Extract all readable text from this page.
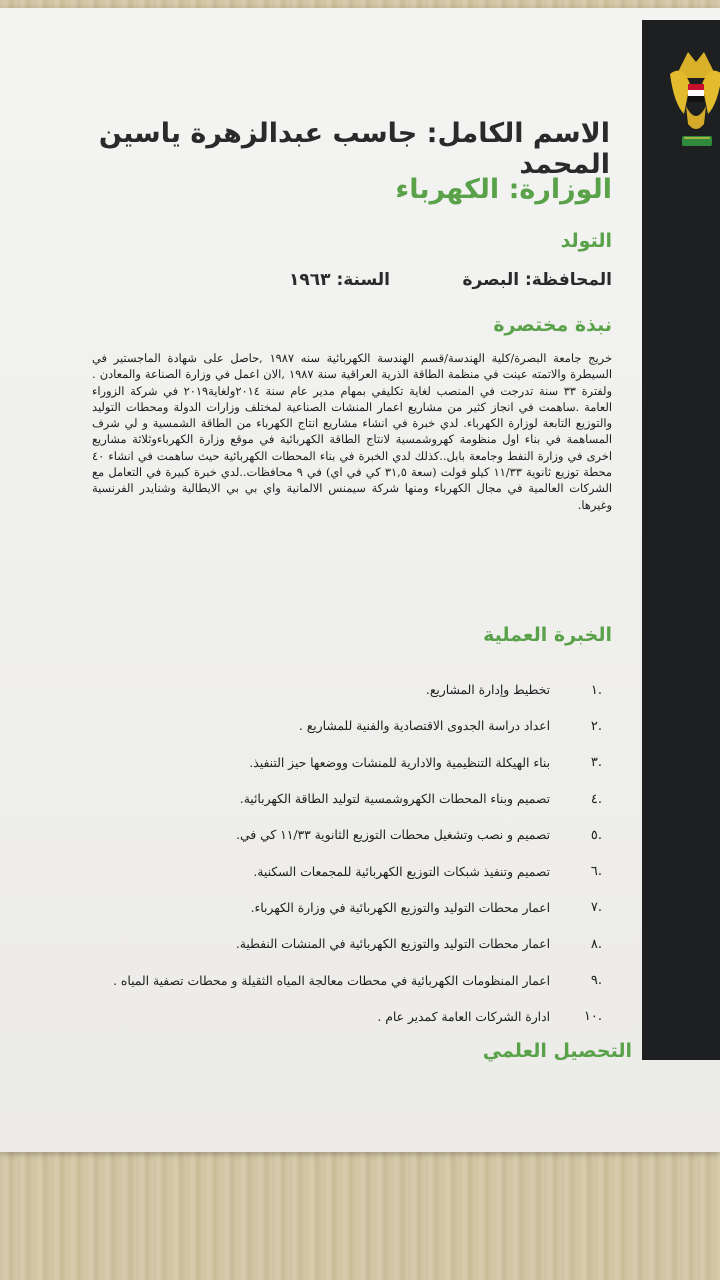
الاسم الكامل: جاسب عبدالزهرة ياسين المحمد
الوزارة: الكهرباء
التولد
المحافظة: البصرة
السنة: ١٩٦٣
نبذة مختصرة
خريج جامعة البصرة/كلية الهندسة/قسم الهندسة الكهربائية سنه ١٩٨٧ ,حاصل على شهادة الماجستير في السيطرة والاتمته عينت في منظمة الطاقة الذرية العراقية سنة ١٩٨٧ ,الان اعمل في وزارة الصناعة والمعادن . ولفترة ٣٣ سنة تدرجت في المنصب لغاية تكليفي بمهام مدير عام سنة ٢٠١٤ولغاية٢٠١٩ في شركة الزوراء العامة .ساهمت في انجاز كثير من مشاريع اعمار المنشات الصناعية لمختلف وزارات الدولة ومحطات التوليد والتوزيع التابعة لوزارة الكهرباء. لدي خبرة في انشاء مشاريع انتاج الكهرباء من الطاقة الشمسية و لي شرف المساهمة في بناء اول منظومة كهروشمسية لانتاج الطاقة الكهربائية في موقع وزارة الكهرباءوثلاثة مشاريع اخرى في وزارة النفط وجامعة بابل..كذلك لدي الخبرة في بناء المحطات الكهربائية حيث ساهمت في انشاء ٤٠ محطة توزيع ثانوية ١١/٣٣ كيلو فولت (سعة ٣١,٥ كي في اي) في ٩ محافظات..لدي خبرة كبيرة في التعامل مع الشركات العالمية في مجال الكهرباء ومنها شركة سيمنس الالمانية واي بي بي الايطالية وشنايدر الفرنسية وغيرها.
الخبرة العملية
.١
تخطيط وإدارة المشاريع.
.٢
اعداد دراسة الجدوى الاقتصادية والفنية للمشاريع .
.٣
بناء الهيكلة التنظيمية والادارية للمنشات ووضعها حيز التنفيذ.
.٤
تصميم وبناء المحطات الكهروشمسية لتوليد الطاقة الكهربائية.
.٥
تصميم و نصب وتشغيل محطات التوزيع الثانوية ١١/٣٣ كي في.
.٦
تصميم وتنفيذ شبكات التوزيع الكهربائية للمجمعات السكنية.
.٧
اعمار محطات التوليد والتوزيع الكهربائية في وزارة الكهرباء.
.٨
اعمار محطات التوليد والتوزيع الكهربائية في المنشات النفطية.
.٩
اعمار المنظومات الكهربائية في محطات معالجة المياه الثقيلة و محطات تصفية المياه .
.١٠
ادارة الشركات العامة كمدير عام .
التحصيل العلمي
